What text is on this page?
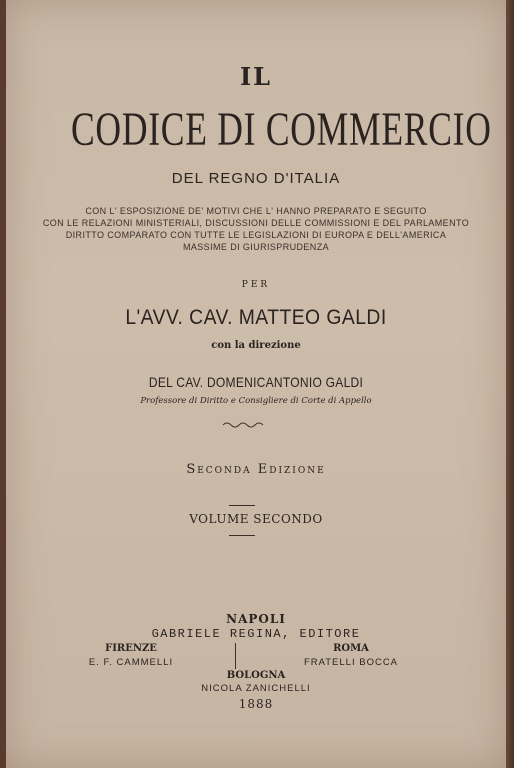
IL
CODICE DI COMMERCIO
DEL REGNO D'ITALIA
CON L' ESPOSIZIONE DE' MOTIVI CHE L' HANNO PREPARATO E SEGUITO
CON LE RELAZIONI MINISTERIALI, DISCUSSIONI DELLE COMMISSIONI E DEL PARLAMENTO
DIRITTO COMPARATO CON TUTTE LE LEGISLAZIONI DI EUROPA E DELL'AMERICA
MASSIME DI GIURISPRUDENZA
PER
L'AVV. CAV. MATTEO GALDI
con la direzione
DEL CAV. DOMENICANTONIO GALDI
Professore di Diritto e Consigliere di Corte di Appello
Seconda Edizione
VOLUME SECONDO
NAPOLI
GABRIELE REGINA, EDITORE
FIRENZE
E. F. CAMMELLI
ROMA
FRATELLI BOCCA
BOLOGNA
NICOLA ZANICHELLI
1888
